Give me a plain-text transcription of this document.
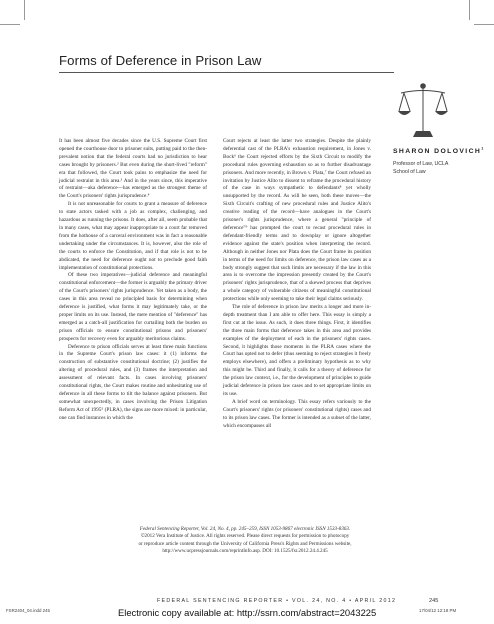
Forms of Deference in Prison Law
SHARON DOLOVICH$^1$
Professor of Law, UCLA School of Law

It has been almost five decades since the U.S. Supreme Court first opened the courthouse door to prisoner suits, putting paid to the then-prevalent notion that the federal courts had no jurisdiction to hear cases brought by prisoners.² But even during the short-lived "reform" era that followed, the Court took pains to emphasize the need for judicial restraint in this area.³ And in the years since, this imperative of restraint—aka deference—has emerged as the strongest theme of the Court's prisoners' rights jurisprudence.⁴

It is not unreasonable for courts to grant a measure of deference to state actors tasked with a job as complex, challenging, and hazardous as running the prisons. It does, after all, seem probable that in many cases, what may appear inappropriate to a court far removed from the hothouse of a carceral environment was in fact a reasonable undertaking under the circumstances. It is, however, also the role of the courts to enforce the Constitution, and if that role is not to be abdicated, the need for deference ought not to preclude good faith implementation of constitutional protections.

Of these two imperatives—judicial deference and meaningful constitutional enforcement—the former is arguably the primary driver of the Court's prisoners' rights jurisprudence. Yet taken as a body, the cases in this area reveal no principled basis for determining when deference is justified, what forms it may legitimately take, or the proper limits on its use. Instead, the mere mention of "deference" has emerged as a catch-all justification for curtailing both the burden on prison officials to ensure constitutional prisons and prisoners' prospects for recovery even for arguably meritorious claims.

Deference to prison officials serves at least three main functions in the Supreme Court's prison law cases: it (1) informs the construction of substantive constitutional doctrine; (2) justifies the altering of procedural rules, and (3) frames the interpretation and assessment of relevant facts. In cases involving prisoners' constitutional rights, the Court makes routine and unhesitating use of deference in all these forms to tilt the balance against prisoners. But somewhat unexpectedly, in cases involving the Prison Litigation Reform Act of 1995⁵ (PLRA), the signs are more mixed: in particular, one can find instances in which the

Court rejects at least the latter two strategies. Despite the plainly deferential cast of the PLRA's exhaustion requirement, in Jones v. Bock⁶ the Court rejected efforts by the Sixth Circuit to modify the procedural rules governing exhaustion so as to further disadvantage prisoners. And more recently, in Brown v. Plata,⁷ the Court refused an invitation by Justice Alito to dissent to reframe the procedural history of the case in ways sympathetic to defendants⁸ yet wholly unsupported by the record. As will be seen, both these moves—the Sixth Circuit's crafting of new procedural rules and Justice Alito's creative reading of the record—have analogues in the Court's prisoner's rights jurisprudence, where a general "principle of deference"⁹ has prompted the court to recast procedural rules in defendant-friendly terms and to downplay or ignore altogether evidence against the state's position when interpreting the record. Although in neither Jones nor Plata does the Court frame its position in terms of the need for limits on deference, the prison law cases as a body strongly suggest that such limits are necessary if the law in this area is to overcome the impression presently created by the Court's prisoners' rights jurisprudence, that of a skewed process that deprives a whole category of vulnerable citizens of meaningful constitutional protections while only seeming to take their legal claims seriously.

The role of deference in prison law merits a longer and more in-depth treatment than I am able to offer here. This essay is simply a first cut at the issue. As such, it does three things. First, it identifies the three main forms that deference takes in this area and provides examples of the deployment of each in the prisoners' rights cases. Second, it highlights those moments in the PLRA cases where the Court has opted not to defer (thus seeming to reject strategies it freely employs elsewhere), and offers a preliminary hypothesis as to why this might be. Third and finally, it calls for a theory of deference for the prison law context, i.e., for the development of principles to guide judicial deference in prison law cases and to set appropriate limits on its use.

A brief word on terminology. This essay refers variously to the Court's prisoners' rights (or prisoners' constitutional rights) cases and to its prison law cases. The former is intended as a subset of the latter, which encompasses all

Federal Sentencing Reporter, Vol. 24, No. 4, pp. 245–259, ISSN 1053-9867 electronic ISSN 1533-8363.
©2012 Vera Institute of Justice. All rights reserved. Please direct requests for permission to photocopy
or reproduce article content through the University of California Press's Rights and Permissions website,
http://www.ucpressjournals.com/reprintInfo.asp. DOI: 10.1525/fsr.2012.24.4.245
FEDERAL SENTENCING REPORTER • VOL. 24, NO. 4 • APRIL 2012	245
FSR2404_04.indd 245	Electronic copy available at: http://ssrn.com/abstract=2043225	17/04/12 12:18 PM
